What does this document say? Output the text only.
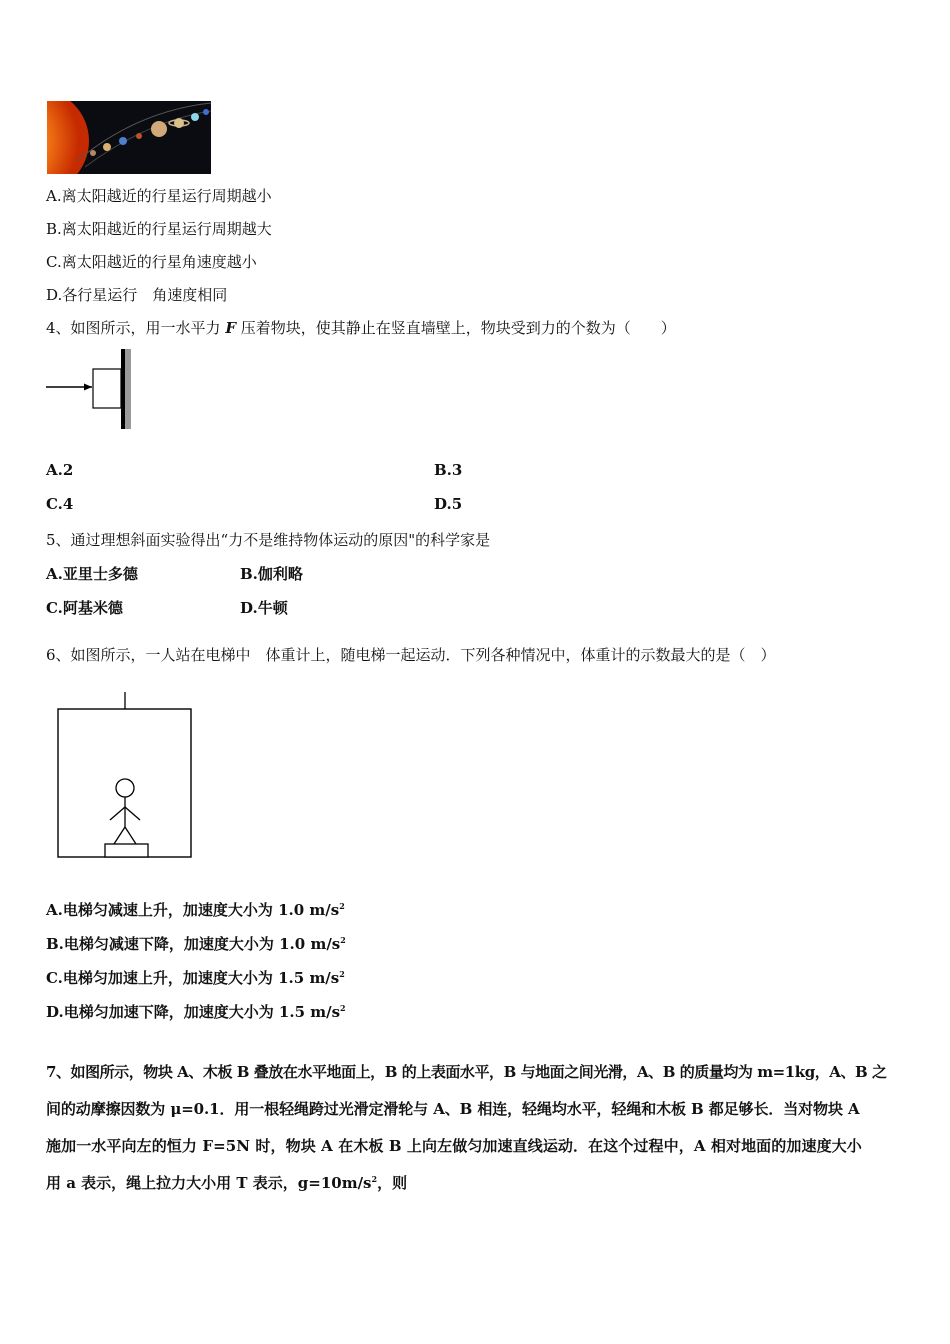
A.离太阳越近的行星运行周期越小
B.离太阳越近的行星运行周期越大
C.离太阳越近的行星角速度越小
D.各行星运行　角速度相同
4、如图所示，用一水平力 F 压着物块，使其静止在竖直墙壁上，物块受到力的个数为（　　）
A.2	B.3
C.4	D.5
5、通过理想斜面实验得出“力不是维持物体运动的原因"的科学家是
A.亚里士多德	B.伽利略
C.阿基米德	D.牛顿
6、如图所示，一人站在电梯中　体重计上，随电梯一起运动．下列各种情况中，体重计的示数最大的是（　）
A.电梯匀减速上升，加速度大小为 1.0 $m/s^2$
B.电梯匀减速下降，加速度大小为 1.0 $m/s^2$
C.电梯匀加速上升，加速度大小为 1.5 $m/s^2$
D.电梯匀加速下降，加速度大小为 1.5 $m/s^2$
7、如图所示，物块 A、木板 B 叠放在水平地面上，B 的上表面水平，B 与地面之间光滑，A、B 的质量均为 m=1kg，A、B 之
间的动摩擦因数为 μ=0.1．用一根轻绳跨过光滑定滑轮与 A、B 相连，轻绳均水平，轻绳和木板 B 都足够长．当对物块 A
施加一水平向左的恒力 F=5N 时，物块 A 在木板 B 上向左做匀加速直线运动．在这个过程中，A 相对地面的加速度大小
用 a 表示，绳上拉力大小用 T 表示，$g=10m/s^2$，则
